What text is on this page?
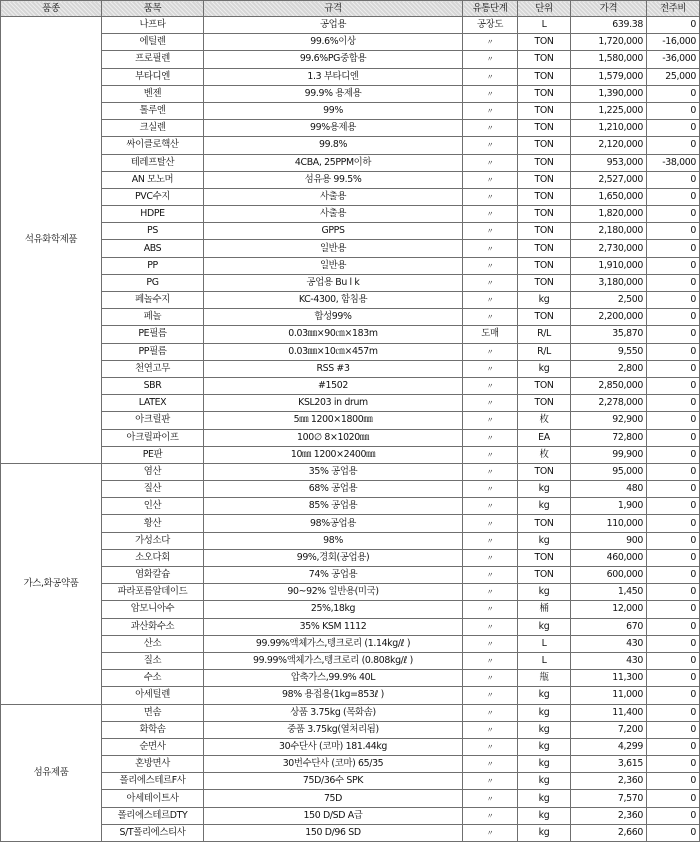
품종	품목	규격	유통단계	단위	가격	전주비
석유화학제품	나프타	공업용	공장도	L	639.38	0
	에틸렌	99.6%이상	〃	TON	1,720,000	-16,000
	프로필렌	99.6%PG중합용	〃	TON	1,580,000	-36,000
	부타디엔	1.3 부타디엔	〃	TON	1,579,000	25,000
	벤젠	99.9% 용제용	〃	TON	1,390,000	0
	톨루엔	99%	〃	TON	1,225,000	0
	크실렌	99%용제용	〃	TON	1,210,000	0
	싸이클로핵산	99.8%	〃	TON	2,120,000	0
	테레프탈산	4CBA, 25PPM이하	〃	TON	953,000	-38,000
	AN 모노머	섬유용 99.5%	〃	TON	2,527,000	0
	PVC수지	사출용	〃	TON	1,650,000	0
	HDPE	사출용	〃	TON	1,820,000	0
	PS	GPPS	〃	TON	2,180,000	0
	ABS	일반용	〃	TON	2,730,000	0
	PP	일반용	〃	TON	1,910,000	0
	PG	공업용 Bu l k	〃	TON	3,180,000	0
	페놀수지	KC-4300, 함침용	〃	kg	2,500	0
	페놀	합성99%	〃	TON	2,200,000	0
	PE필름	0.03㎜×90㎝×183m	도매	R/L	35,870	0
	PP필름	0.03㎜×10㎝×457m	〃	R/L	9,550	0
	천연고무	RSS #3	〃	kg	2,800	0
	SBR	#1502	〃	TON	2,850,000	0
	LATEX	KSL203 in drum	〃	TON	2,278,000	0
	아크릴판	5㎜ 1200×1800㎜	〃	枚	92,900	0
	아크릴파이프	100∅ 8×1020㎜	〃	EA	72,800	0
	PE판	10㎜ 1200×2400㎜	〃	枚	99,900	0
가스,화공약품	염산	35% 공업용	〃	TON	95,000	0
	질산	68% 공업용	〃	kg	480	0
	인산	85% 공업용	〃	kg	1,900	0
	황산	98%공업용	〃	TON	110,000	0
	가성소다	98%	〃	kg	900	0
	소오다회	99%,경회(공업용)	〃	TON	460,000	0
	염화칼슘	74% 공업용	〃	TON	600,000	0
	파라포름알데이드	90~92% 일반용(미국)	〃	kg	1,450	0
	암모니아수	25%,18kg	〃	桶	12,000	0
	과산화수소	35% KSM 1112	〃	kg	670	0
	산소	99.99%액체가스,텡크로리 (1.14kg/ℓ )	〃	L	430	0
	질소	99.99%액체가스,텡크로리 (0.808kg/ℓ )	〃	L	430	0
	수소	압축가스,99.9% 40L	〃	甁	11,300	0
	아세틸렌	98% 용접용(1kg=853ℓ )	〃	kg	11,000	0
섬유제품	면솜	상품 3.75kg (목화솜)	〃	kg	11,400	0
	화학솜	중품 3.75kg(열처리됨)	〃	kg	7,200	0
	순면사	30수단사 (코마) 181.44kg	〃	kg	4,299	0
	혼방면사	30번수단사 (코마) 65/35	〃	kg	3,615	0
	폴리에스테르F사	75D/36수 SPK	〃	kg	2,360	0
	아세테이트사	75D	〃	kg	7,570	0
	폴리에스테르DTY	150 D/SD A급	〃	kg	2,360	0
	S/T폴리에스티사	150 D/96 SD	〃	kg	2,660	0
